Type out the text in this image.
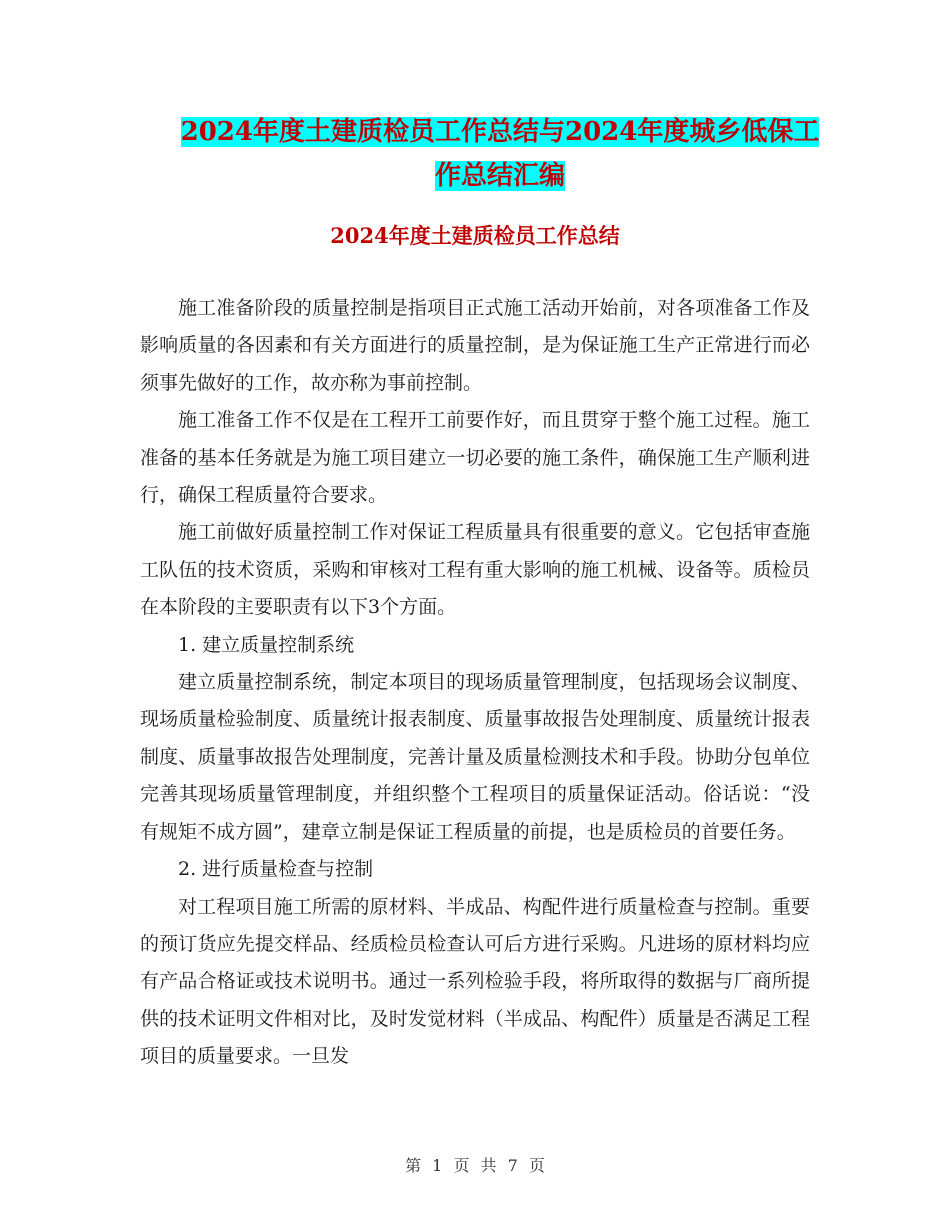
2024年度土建质检员工作总结与2024年度城乡低保工
作总结汇编
2024年度土建质检员工作总结

施工准备阶段的质量控制是指项目正式施工活动开始前，对各项准备工作及影响质量的各因素和有关方面进行的质量控制，是为保证施工生产正常进行而必须事先做好的工作，故亦称为事前控制。

施工准备工作不仅是在工程开工前要作好，而且贯穿于整个施工过程。施工准备的基本任务就是为施工项目建立一切必要的施工条件，确保施工生产顺利进行，确保工程质量符合要求。

施工前做好质量控制工作对保证工程质量具有很重要的意义。它包括审查施工队伍的技术资质，采购和审核对工程有重大影响的施工机械、设备等。质检员在本阶段的主要职责有以下3个方面。

1. 建立质量控制系统

建立质量控制系统，制定本项目的现场质量管理制度，包括现场会议制度、现场质量检验制度、质量统计报表制度、质量事故报告处理制度、质量统计报表制度、质量事故报告处理制度，完善计量及质量检测技术和手段。协助分包单位完善其现场质量管理制度，并组织整个工程项目的质量保证活动。俗话说：“没有规矩不成方圆”，建章立制是保证工程质量的前提，也是质检员的首要任务。

2. 进行质量检查与控制

对工程项目施工所需的原材料、半成品、构配件进行质量检查与控制。重要的预订货应先提交样品、经质检员检查认可后方进行采购。凡进场的原材料均应有产品合格证或技术说明书。通过一系列检验手段，将所取得的数据与厂商所提供的技术证明文件相对比，及时发觉材料（半成品、构配件）质量是否满足工程项目的质量要求。一旦发

第 1 页 共 7 页
